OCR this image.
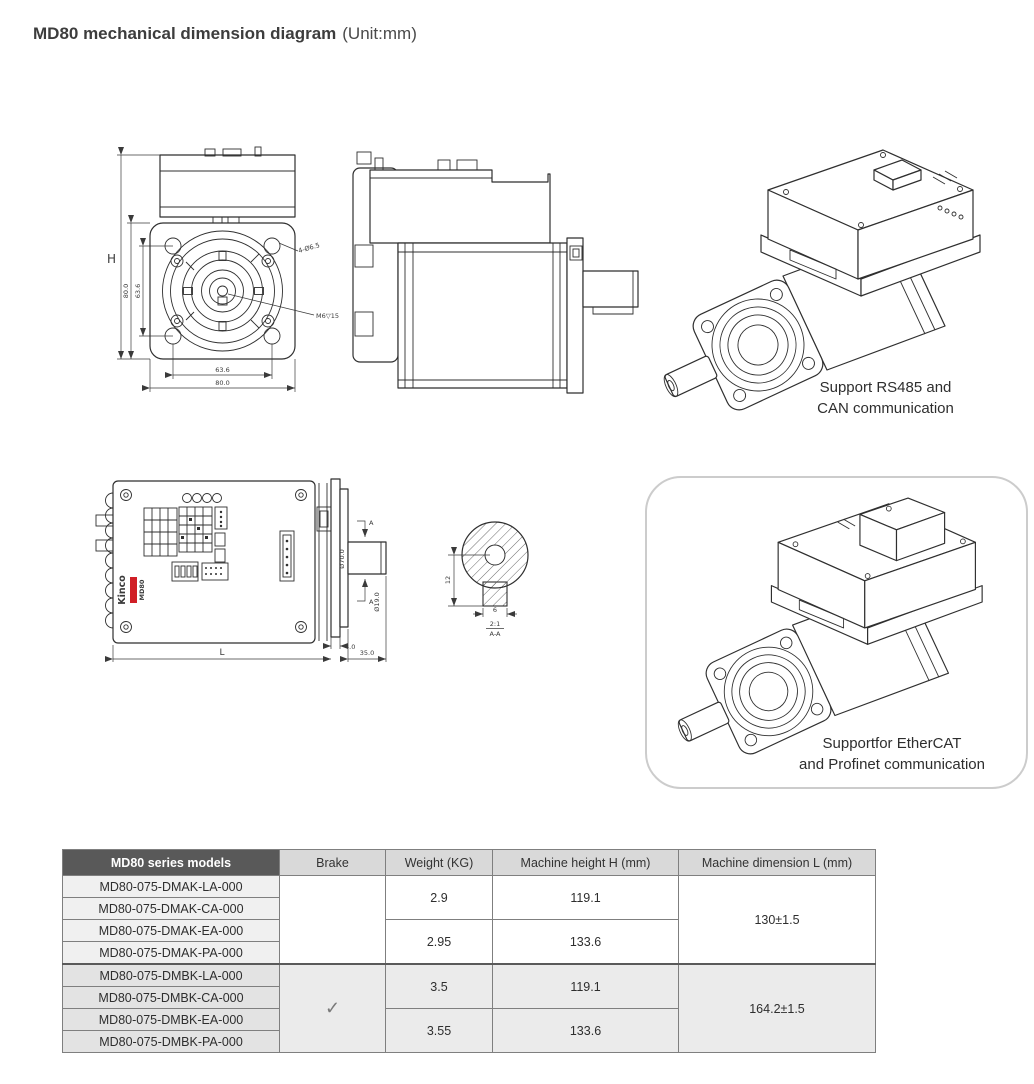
MD80 mechanical dimension diagram (Unit:mm)
H
80.0 63.6
63.6
80.0
4-Ø6.5
M6▽15
Support RS485 and
CAN communication
Kinco MD80
A
A
Ø70.0
Ø19.0
4.0
L	35.0
12
6
2:1
A-A
Supportfor EtherCAT
and Profinet communication
MD80 series models	Brake	Weight (KG)	Machine height H (mm)	Machine dimension L (mm)
MD80-075-DMAK-LA-000		2.9	119.1	130±1.5
MD80-075-DMAK-CA-000				
MD80-075-DMAK-EA-000		2.95	133.6	
MD80-075-DMAK-PA-000				
MD80-075-DMBK-LA-000	✓	3.5	119.1	164.2±1.5
MD80-075-DMBK-CA-000				
MD80-075-DMBK-EA-000		3.55	133.6	
MD80-075-DMBK-PA-000				
